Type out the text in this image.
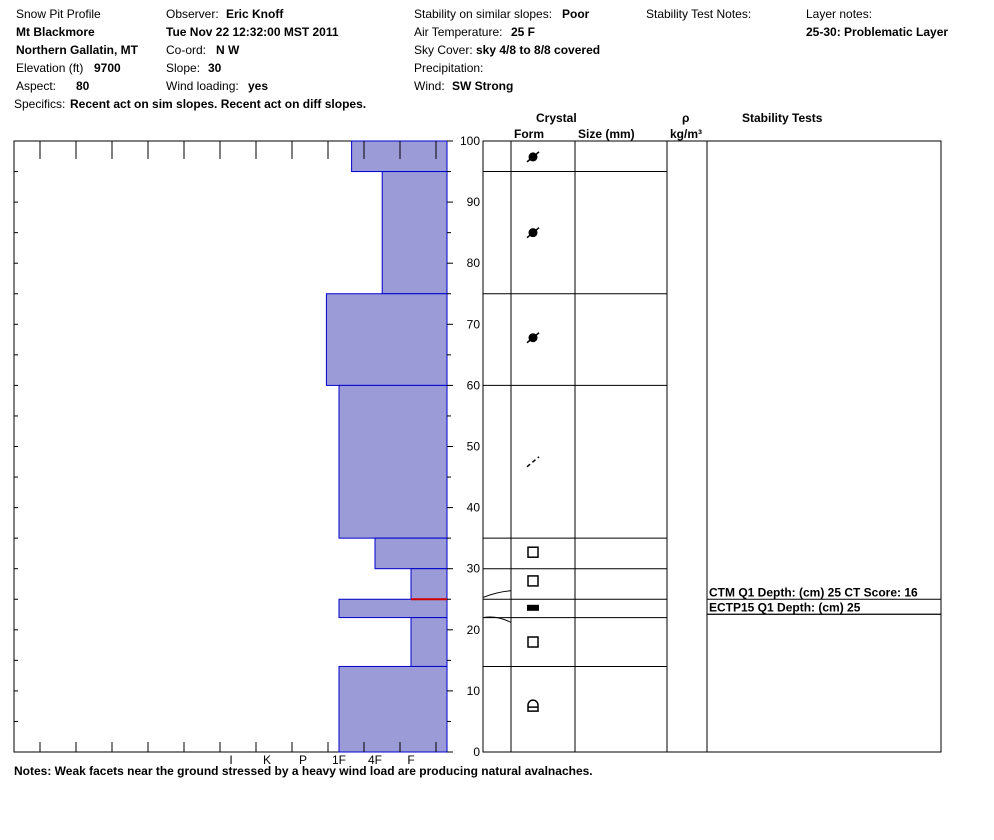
Snow Pit Profile
Mt Blackmore
Northern Gallatin, MT
Elevation (ft) 9700
Aspect: 80
Specifics: Recent act on sim slopes. Recent act on diff slopes.
Observer: Eric Knoff
Tue Nov 22 12:32:00 MST 2011
Co-ord: N W
Slope: 30
Wind loading: yes
Stability on similar slopes: Poor
Air Temperature: 25 F
Sky Cover: sky 4/8 to 8/8 covered
Precipitation:
Wind: SW Strong
Stability Test Notes:	Layer notes:
25-30: Problematic Layer
Crystal
Form	Size (mm)
ρ
kg/m³
Stability Tests
Notes: Weak facets near the ground stressed by a heavy wind load are producing natural avalnaches.
I	K P 1F 4F F
0
10
20
30
40
50
60
70
80
90
100
CTM Q1 Depth: (cm) 25 CT Score: 16
ECTP15 Q1 Depth: (cm) 25
